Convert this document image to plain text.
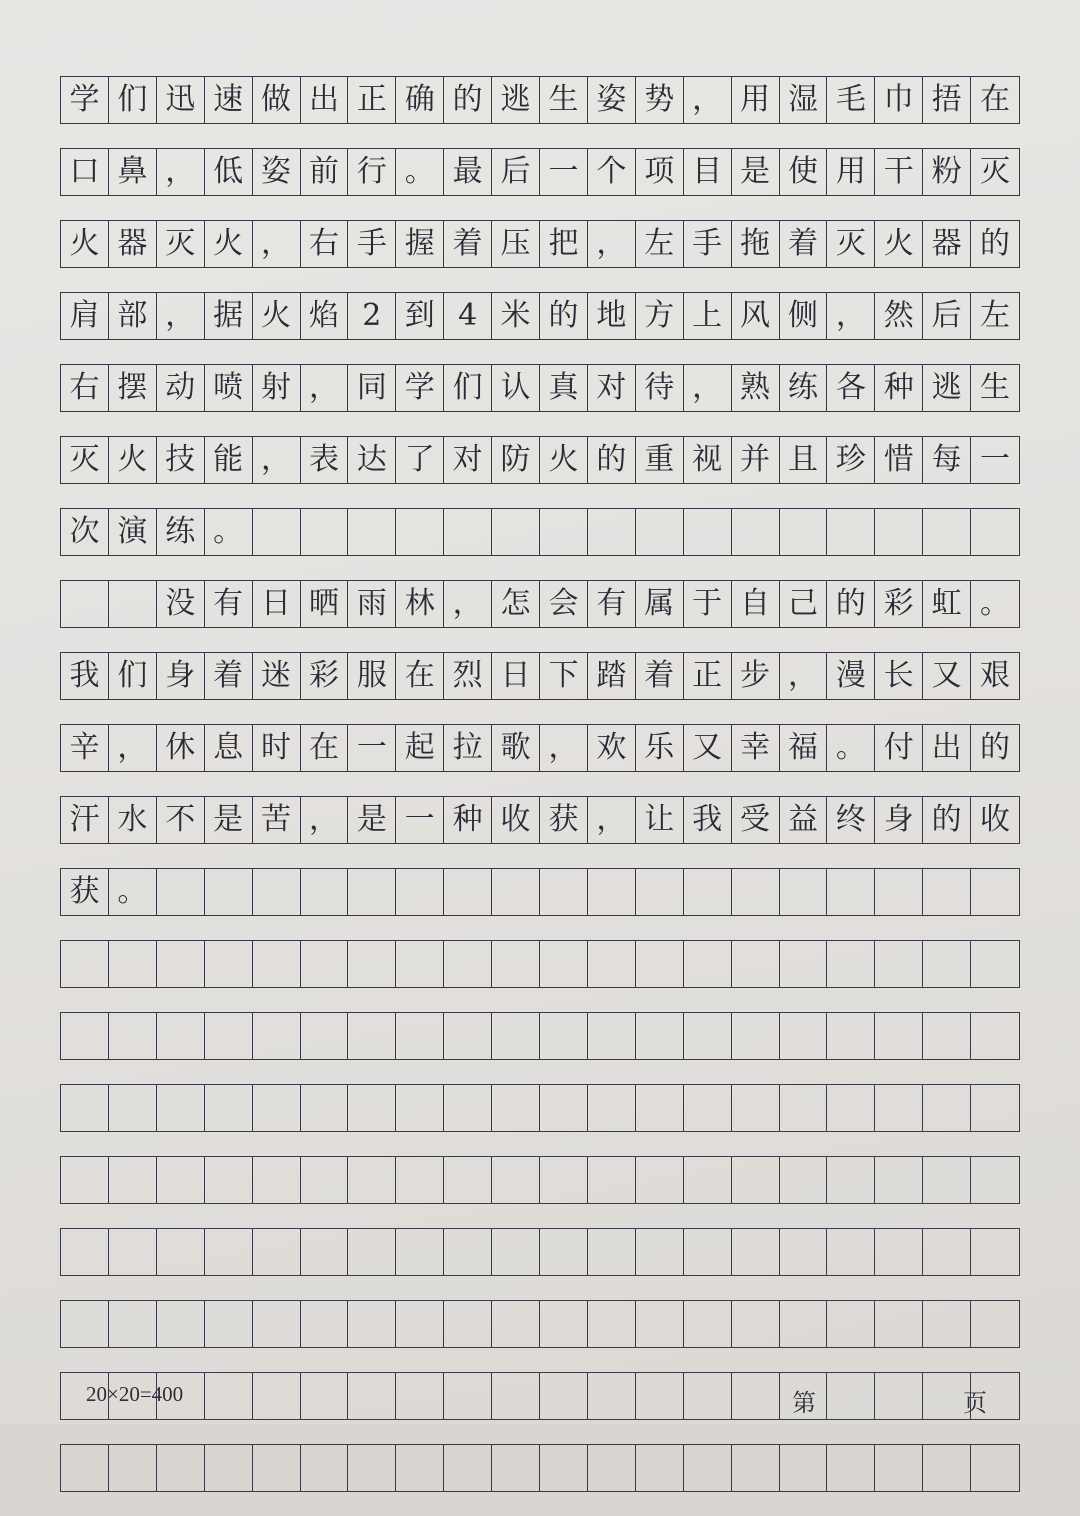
学 们 迅 速 做 出 正 确 的 逃 生 姿 势 ， 用 湿 毛 巾 捂 在
口 鼻 ， 低 姿 前 行 。 最 后 一 个 项 目 是 使 用 干 粉 灭
火 器 灭 火 ， 右 手 握 着 压 把 ， 左 手 拖 着 灭 火 器 的
肩 部 ， 据 火 焰 2 到 4 米 的 地 方 上 风 侧 ， 然 后 左
右 摆 动 喷 射 ， 同 学 们 认 真 对 待 ， 熟 练 各 种 逃 生
灭 火 技 能 ， 表 达 了 对 防 火 的 重 视 并 且 珍 惜 每 一
次 演 练 。
没 有 日 晒 雨 林 ， 怎 会 有 属 于 自 己 的 彩 虹 。
我 们 身 着 迷 彩 服 在 烈 日 下 踏 着 正 步 ， 漫 长 又 艰
辛 ， 休 息 时 在 一 起 拉 歌 ， 欢 乐 又 幸 福 。 付 出 的
汗 水 不 是 苦 ， 是 一 种 收 获 ， 让 我 受 益 终 身 的 收
获 。
20×20=400	第	页
